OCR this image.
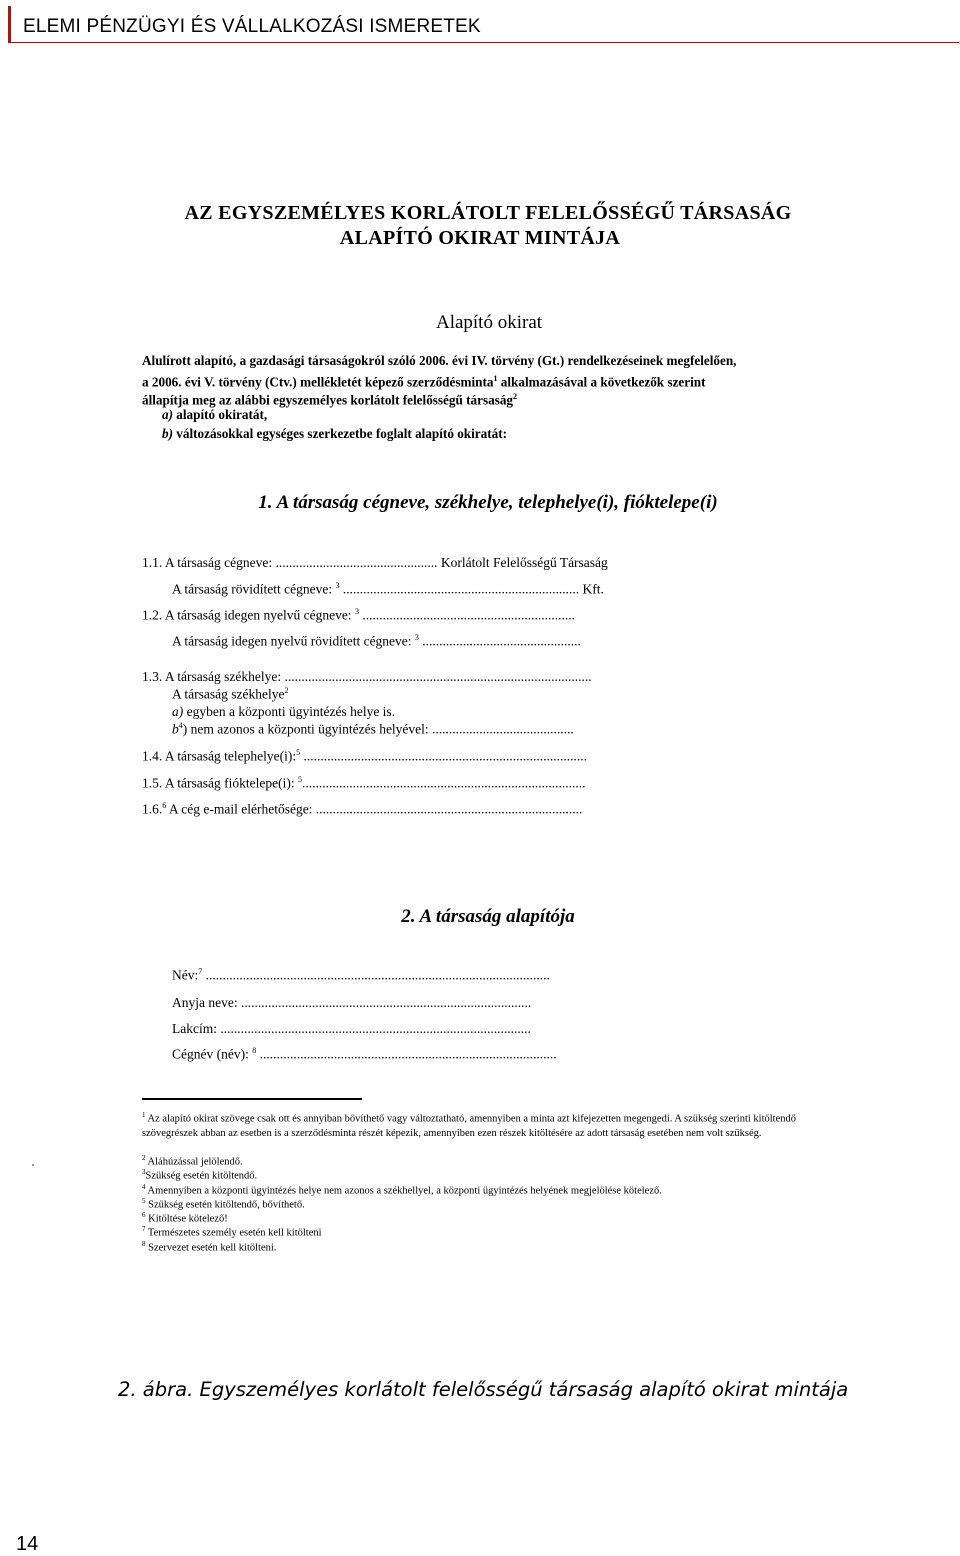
ELEMI PÉNZÜGYI ÉS VÁLLALKOZÁSI ISMERETEK
AZ EGYSZEMÉLYES KORLÁTOLT FELELŐSSÉGŰ TÁRSASÁG
ALAPÍTÓ OKIRAT MINTÁJA
Alapító okirat
Alulírott alapító, a gazdasági társaságokról szóló 2006. évi IV. törvény (Gt.) rendelkezéseinek megfelelően,
a 2006. évi V. törvény (Ctv.) mellékletét képező szerződésminta$^1$ alkalmazásával a következők szerint
állapítja meg az alábbi egyszemélyes korlátolt felelősségű társaság$^2$
a) alapító okiratát,
b) változásokkal egységes szerkezetbe foglalt alapító okiratát:
1. A társaság cégneve, székhelye, telephelye(i), fióktelepe(i)
1.1. A társaság cégneve: ................................................ Korlátolt Felelősségű Társaság
A társaság rövidített cégneve: $^3$ ...................................................................... Kft.
1.2. A társaság idegen nyelvű cégneve: $^3$ ...............................................................
A társaság idegen nyelvű rövidített cégneve: $^3$ ...............................................
1.3. A társaság székhelye: ...........................................................................................
A társaság székhelye$^2$
a) egyben a központi ügyintézés helye is.
$b^4$) nem azonos a központi ügyintézés helyével: ..........................................
1.4. A társaság telephelye(i):$^5$ ....................................................................................
1.5. A társaság fióktelepe(i): $^5$....................................................................................
1.6.$^6$ A cég e-mail elérhetősége: ...............................................................................
2. A társaság alapítója
Név:$^7$ ......................................................................................................
Anyja neve: ......................................................................................
Lakcím: ............................................................................................
Cégnév (név): $^8$ ........................................................................................
$^1$ Az alapító okirat szövege csak ott és annyiban bővíthető vagy változtatható, amennyiben a minta azt kifejezetten megengedi. A szükség szerinti kitöltendő szövegrészek abban az esetben is a szerződésminta részét képezik, amennyiben ezen részek kitöltésére az adott társaság esetében nem volt szükség.
$^2$ Aláhúzással jelölendő.
$^3$Szükség esetén kitöltendő.
$^4$ Amennyiben a központi ügyintézés helye nem azonos a székhellyel, a központi ügyintézés helyének megjelölése kötelező.
$^5$ Szükség esetén kitöltendő, bővíthető.
$^6$ Kitöltése kötelező!
$^7$ Természetes személy esetén kell kitölteni
$^8$ Szervezet esetén kell kitölteni.
2. ábra. Egyszemélyes korlátolt felelősségű társaság alapító okirat mintája
14
